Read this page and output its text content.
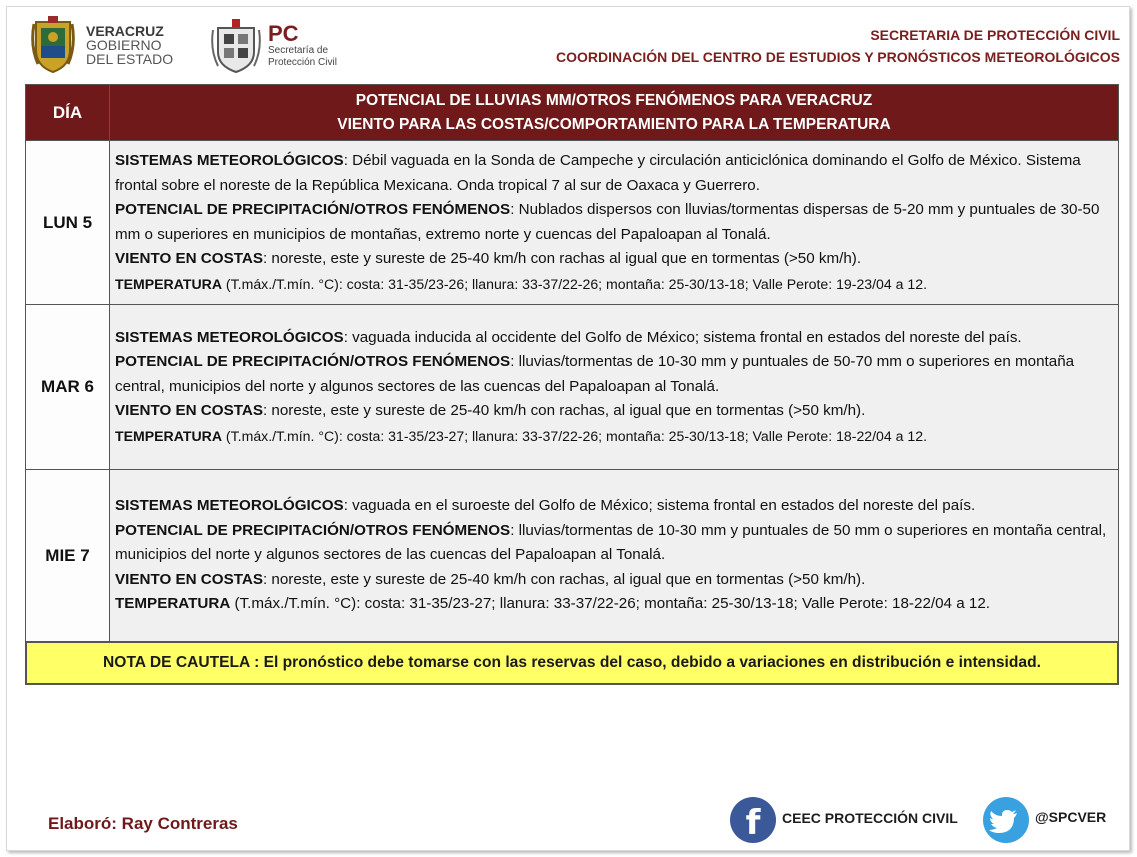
VERACRUZ
GOBIERNO
DEL ESTADO
PC
Secretaría de
Protección Civil
SECRETARIA DE PROTECCIÓN CIVIL
COORDINACIÓN DEL CENTRO DE ESTUDIOS Y PRONÓSTICOS METEOROLÓGICOS
DÍA	POTENCIAL DE LLUVIAS MM/OTROS FENÓMENOS PARA VERACRUZ
VIENTO PARA LAS COSTAS/COMPORTAMIENTO PARA LA TEMPERATURA

LUN 5	SISTEMAS METEOROLÓGICOS: Débil vaguada en la Sonda de Campeche y circulación anticiclónica dominando el Golfo de México. Sistema frontal sobre el noreste de la República Mexicana. Onda tropical 7 al sur de Oaxaca y Guerrero.

POTENCIAL DE PRECIPITACIÓN/OTROS FENÓMENOS: Nublados dispersos con lluvias/tormentas dispersas de 5-20 mm y puntuales de 30-50 mm o superiores en municipios de montañas, extremo norte y cuencas del Papaloapan al Tonalá.

VIENTO EN COSTAS: noreste, este y sureste de 25-40 km/h con rachas al igual que en tormentas (>50 km/h).

TEMPERATURA (T.máx./T.mín. °C): costa: 31-35/23-26; llanura: 33-37/22-26; montaña: 25-30/13-18; Valle Perote: 19-23/04 a 12.

MAR 6	SISTEMAS METEOROLÓGICOS: vaguada inducida al occidente del Golfo de México; sistema frontal en estados del noreste del país.

POTENCIAL DE PRECIPITACIÓN/OTROS FENÓMENOS: lluvias/tormentas de 10-30 mm y puntuales de 50-70 mm o superiores en montaña central, municipios del norte y algunos sectores de las cuencas del Papaloapan al Tonalá.

VIENTO EN COSTAS: noreste, este y sureste de 25-40 km/h con rachas, al igual que en tormentas (>50 km/h).

TEMPERATURA (T.máx./T.mín. °C): costa: 31-35/23-27; llanura: 33-37/22-26; montaña: 25-30/13-18; Valle Perote: 18-22/04 a 12.

MIE 7	SISTEMAS METEOROLÓGICOS: vaguada en el suroeste del Golfo de México; sistema frontal en estados del noreste del país.

POTENCIAL DE PRECIPITACIÓN/OTROS FENÓMENOS: lluvias/tormentas de 10-30 mm y puntuales de 50 mm o superiores en montaña central, municipios del norte y algunos sectores de las cuencas del Papaloapan al Tonalá.

VIENTO EN COSTAS: noreste, este y sureste de 25-40 km/h con rachas, al igual que en tormentas (>50 km/h).

TEMPERATURA (T.máx./T.mín. °C): costa: 31-35/23-27; llanura: 33-37/22-26; montaña: 25-30/13-18; Valle Perote: 18-22/04 a 12.

NOTA DE CAUTELA : El pronóstico debe tomarse con las reservas del caso, debido a variaciones en distribución e intensidad.
Elaboró: Ray Contreras	f	CEEC PROTECCIÓN CIVIL	@SPCVER
